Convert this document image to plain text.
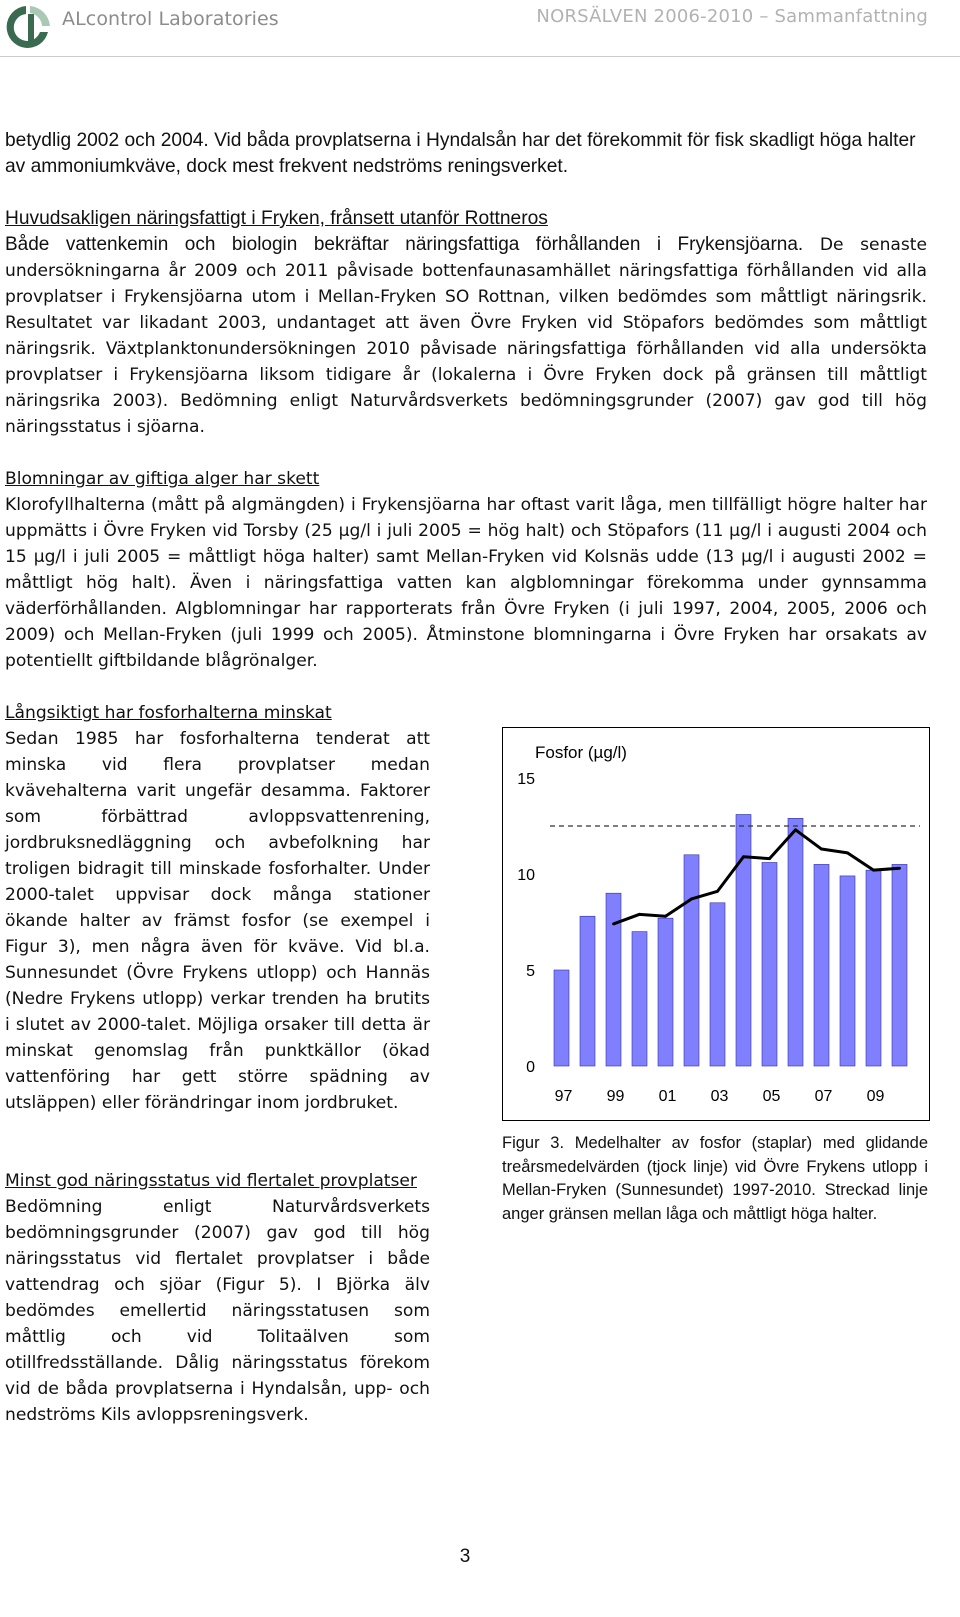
ALcontrol Laboratories	NORSÄLVEN 2006-2010 – Sammanfattning

betydlig 2002 och 2004. Vid båda provplatserna i Hyndalsån har det förekommit för fisk skadligt höga halter av ammoniumkväve, dock mest frekvent nedströms reningsverket.

Huvudsakligen näringsfattigt i Fryken, frånsett utanför Rottneros

Både vattenkemin och biologin bekräftar näringsfattiga förhållanden i Frykensjöarna. De senaste undersökningarna år 2009 och 2011 påvisade bottenfaunasamhället näringsfattiga förhållanden vid alla provplatser i Frykensjöarna utom i Mellan-Fryken SO Rottnan, vilken bedömdes som måttligt näringsrik. Resultatet var likadant 2003, undantaget att även Övre Fryken vid Stöpafors bedömdes som måttligt näringsrik. Växtplanktonundersökningen 2010 påvisade näringsfattiga förhållanden vid alla undersökta provplatser i Frykensjöarna liksom tidigare år (lokalerna i Övre Fryken dock på gränsen till måttligt näringsrika 2003). Bedömning enligt Naturvårdsverkets bedömningsgrunder (2007) gav god till hög näringsstatus i sjöarna.

Blomningar av giftiga alger har skett
Klorofyllhalterna (mått på algmängden) i Frykensjöarna har oftast varit låga, men tillfälligt högre halter har uppmätts i Övre Fryken vid Torsby (25 µg/l i juli 2005 = hög halt) och Stöpafors (11 µg/l i augusti 2004 och 15 µg/l i juli 2005 = måttligt höga halter) samt Mellan-Fryken vid Kolsnäs udde (13 µg/l i augusti 2002 = måttligt hög halt). Även i näringsfattiga vatten kan algblomningar förekomma under gynnsamma väderförhållanden. Algblomningar har rapporterats från Övre Fryken (i juli 1997, 2004, 2005, 2006 och 2009) och Mellan-Fryken (juli 1999 och 2005). Åtminstone blomningarna i Övre Fryken har orsakats av potentiellt giftbildande blågrönalger.
Långsiktigt har fosforhalterna minskat
Sedan 1985 har fosforhalterna tenderat att minska vid flera provplatser medan kvävehalterna varit ungefär desamma. Faktorer som förbättrad avloppsvattenrening, jordbruksnedläggning och avbefolkning har troligen bidragit till minskade fosforhalter. Under 2000-talet uppvisar dock många stationer ökande halter av främst fosfor (se exempel i Figur 3), men några även för kväve. Vid bl.a. Sunnesundet (Övre Frykens utlopp) och Hannäs (Nedre Frykens utlopp) verkar trenden ha brutits i slutet av 2000-talet. Möjliga orsaker till detta är minskat genomslag från punktkällor (ökad vattenföring har gett större spädning av utsläppen) eller förändringar inom jordbruket.
Minst god näringsstatus vid flertalet provplatser
Bedömning enligt Naturvårdsverkets bedömningsgrunder (2007) gav god till hög näringsstatus vid flertalet provplatser i både vattendrag och sjöar (Figur 5). I Björka älv bedömdes emellertid näringsstatusen som måttlig och vid Tolitaälven som otillfredsställande. Dålig näringsstatus förekom vid de båda provplatserna i Hyndalsån, upp- och nedströms Kils avloppsreningsverk.
Fosfor (µg/l)
0
5
10
15
97 99 01 03 05 07 09

Figur 3. Medelhalter av fosfor (staplar) med glidande treårsmedelvärden (tjock linje) vid Övre Frykens utlopp i Mellan-Fryken (Sunnesundet) 1997-2010. Streckad linje anger gränsen mellan låga och måttligt höga halter.

3
